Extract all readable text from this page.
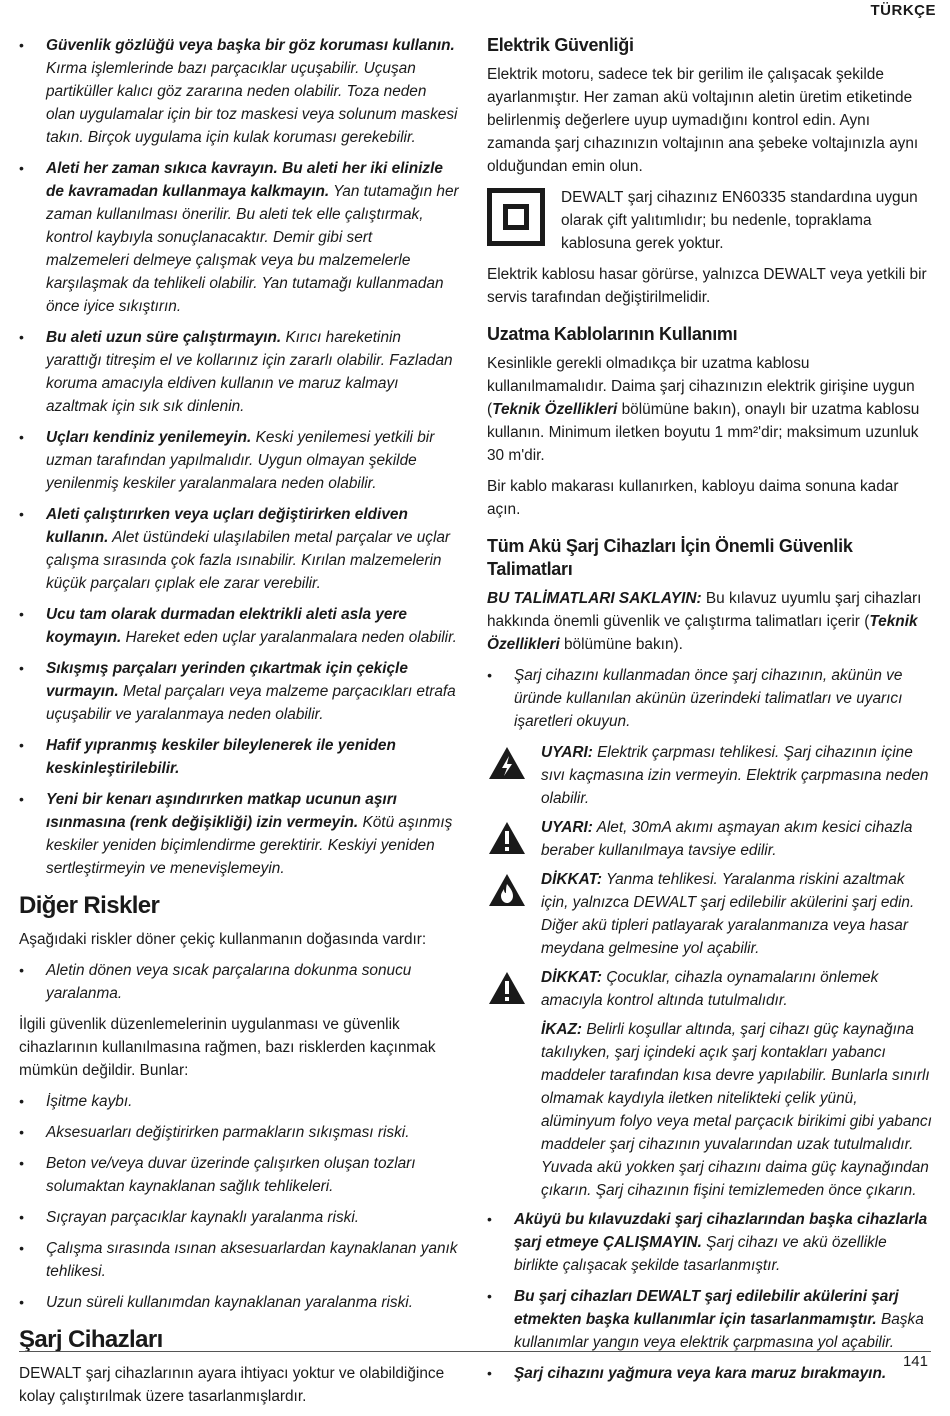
TÜRKÇE
• Güvenlik gözlüğü veya başka bir göz koruması kullanın. Kırma işlemlerinde bazı parçacıklar uçuşabilir. Uçuşan partiküller kalıcı göz zararına neden olabilir. Toza neden olan uygulamalar için bir toz maskesi veya solunum maskesi takın. Birçok uygulama için kulak koruması gerekebilir.
• Aleti her zaman sıkıca kavrayın. Bu aleti her iki elinizle de kavramadan kullanmaya kalkmayın. Yan tutamağın her zaman kullanılması önerilir. Bu aleti tek elle çalıştırmak, kontrol kaybıyla sonuçlanacaktır. Demir gibi sert malzemeleri delmeye çalışmak veya bu malzemelerle karşılaşmak da tehlikeli olabilir. Yan tutamağı kullanmadan önce iyice sıkıştırın.
• Bu aleti uzun süre çalıştırmayın. Kırıcı hareketinin yarattığı titreşim el ve kollarınız için zararlı olabilir. Fazladan koruma amacıyla eldiven kullanın ve maruz kalmayı azaltmak için sık sık dinlenin.
• Uçları kendiniz yenilemeyin. Keski yenilemesi yetkili bir uzman tarafından yapılmalıdır. Uygun olmayan şekilde yenilenmiş keskiler yaralanmalara neden olabilir.
• Aleti çalıştırırken veya uçları değiştirirken eldiven kullanın. Alet üstündeki ulaşılabilen metal parçalar ve uçlar çalışma sırasında çok fazla ısınabilir. Kırılan malzemelerin küçük parçaları çıplak ele zarar verebilir.
• Ucu tam olarak durmadan elektrikli aleti asla yere koymayın. Hareket eden uçlar yaralanmalara neden olabilir.
• Sıkışmış parçaları yerinden çıkartmak için çekiçle vurmayın. Metal parçaları veya malzeme parçacıkları etrafa uçuşabilir ve yaralanmaya neden olabilir.
• Hafif yıpranmış keskiler bileylenerek ile yeniden keskinleştirilebilir.
• Yeni bir kenarı aşındırırken matkap ucunun aşırı ısınmasına (renk değişikliği) izin vermeyin. Kötü aşınmış keskiler yeniden biçimlendirme gerektirir. Keskiyi yeniden sertleştirmeyin ve menevişlemeyin.
Diğer Riskler

Aşağıdaki riskler döner çekiç kullanmanın doğasında vardır:

• Aletin dönen veya sıcak parçalarına dokunma sonucu yaralanma.

İlgili güvenlik düzenlemelerinin uygulanması ve güvenlik cihazlarının kullanılmasına rağmen, bazı risklerden kaçınmak mümkün değildir. Bunlar:

• İşitme kaybı.
• Aksesuarları değiştirirken parmakların sıkışması riski.
• Beton ve/veya duvar üzerinde çalışırken oluşan tozları solumaktan kaynaklanan sağlık tehlikeleri.
• Sıçrayan parçacıklar kaynaklı yaralanma riski.
• Çalışma sırasında ısınan aksesuarlardan kaynaklanan yanık tehlikesi.
• Uzun süreli kullanımdan kaynaklanan yaralanma riski.
Şarj Cihazları

DEWALT şarj cihazlarının ayara ihtiyacı yoktur ve olabildiğince kolay çalıştırılmak üzere tasarlanmışlardır.

Elektrik Güvenliği

Elektrik motoru, sadece tek bir gerilim ile çalışacak şekilde ayarlanmıştır. Her zaman akü voltajının aletin üretim etiketinde belirlenmiş değerlere uyup uymadığını kontrol edin. Aynı zamanda şarj cıhazınızın voltajının ana şebeke voltajınızla aynı olduğundan emin olun.

DEWALT şarj cihazınız EN60335 standardına uygun olarak çift yalıtımlıdır; bu nedenle, topraklama kablosuna gerek yoktur.

Elektrik kablosu hasar görürse, yalnızca DEWALT veya yetkili bir servis tarafından değiştirilmelidir.

Uzatma Kablolarının Kullanımı

Kesinlikle gerekli olmadıkça bir uzatma kablosu kullanılmamalıdır. Daima şarj cihazınızın elektrik girişine uygun (Teknik Özellikleri bölümüne bakın), onaylı bir uzatma kablosu kullanın. Minimum iletken boyutu 1 mm²'dir; maksimum uzunluk 30 m'dir.

Bir kablo makarası kullanırken, kabloyu daima sonuna kadar açın.

Tüm Akü Şarj Cihazları İçin Önemli Güvenlik Talimatları

BU TALİMATLARI SAKLAYIN: Bu kılavuz uyumlu şarj cihazları hakkında önemli güvenlik ve çalıştırma talimatları içerir (Teknik Özellikleri bölümüne bakın).

• Şarj cihazını kullanmadan önce şarj cihazının, akünün ve üründe kullanılan akünün üzerindeki talimatları ve uyarıcı işaretleri okuyun.
UYARI: Elektrik çarpması tehlikesi. Şarj cihazının içine sıvı kaçmasına izin vermeyin. Elektrik çarpmasına neden olabilir.
UYARI: Alet, 30mA akımı aşmayan akım kesici cihazla beraber kullanılmaya tavsiye edilir.
DİKKAT: Yanma tehlikesi. Yaralanma riskini azaltmak için, yalnızca DEWALT şarj edilebilir akülerini şarj edin. Diğer akü tipleri patlayarak yaralanmanıza veya hasar meydana gelmesine yol açabilir.
DİKKAT: Çocuklar, cihazla oynamalarını önlemek amacıyla kontrol altında tutulmalıdır.
İKAZ: Belirli koşullar altında, şarj cihazı güç kaynağına takılıyken, şarj içindeki açık şarj kontakları yabancı maddeler tarafından kısa devre yapılabilir. Bunlarla sınırlı olmamak kaydıyla iletken nitelikteki çelik yünü, alüminyum folyo veya metal parçacık birikimi gibi yabancı maddeler şarj cihazının yuvalarından uzak tutulmalıdır. Yuvada akü yokken şarj cihazını daima güç kaynağından çıkarın. Şarj cihazının fişini temizlemeden önce çıkarın.
• Aküyü bu kılavuzdaki şarj cihazlarından başka cihazlarla şarj etmeye ÇALIŞMAYIN. Şarj cihazı ve akü özellikle birlikte çalışacak şekilde tasarlanmıştır.
• Bu şarj cihazları DEWALT şarj edilebilir akülerini şarj etmekten başka kullanımlar için tasarlanmamıştır. Başka kullanımlar yangın veya elektrik çarpmasına yol açabilir.
• Şarj cihazını yağmura veya kara maruz bırakmayın.
141
